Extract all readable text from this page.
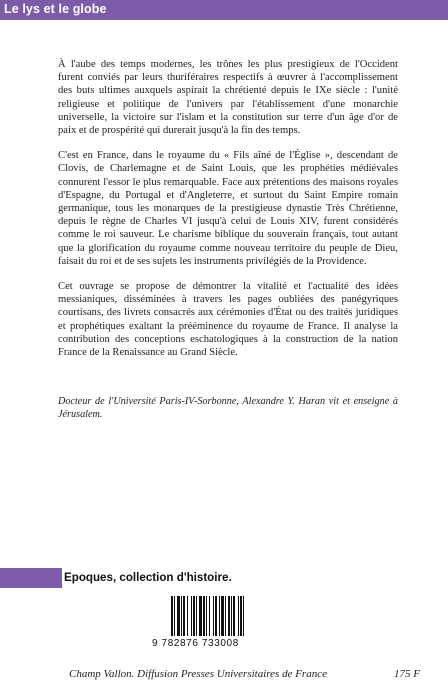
Le lys et le globe

À l'aube des temps modernes, les trônes les plus prestigieux de l'Occident furent conviés par leurs thuriféraires respectifs à œuvrer à l'accomplissement des buts ultimes auxquels aspirait la chrétienté depuis le IXe siècle : l'unité religieuse et politique de l'univers par l'établissement d'une monarchie universelle, la victoire sur l'islam et la constitution sur terre d'un âge d'or de paix et de prospérité qui durerait jusqu'à la fin des temps.

C'est en France, dans le royaume du « Fils aîné de l'Église », descendant de Clovis, de Charlemagne et de Saint Louis, que les prophéties médiévales connurent l'essor le plus remarquable. Face aux prétentions des maisons royales d'Espagne, du Portugal et d'Angleterre, et surtout du Saint Empire romain germanique, tous les monarques de la prestigieuse dynastie Très Chrétienne, depuis le règne de Charles VI jusqu'à celui de Louis XIV, furent considérés comme le roi sauveur. Le charisme biblique du souverain français, tout autant que la glorification du royaume comme nouveau territoire du peuple de Dieu, faisait du roi et de ses sujets les instruments privilégiés de la Providence.

Cet ouvrage se propose de démontrer la vitalité et l'actualité des idées messianiques, disséminées à travers les pages oubliées des panégyriques courtisans, des livrets consacrés aux cérémonies d'État ou des traités juridiques et prophétiques exaltant la prééminence du royaume de France. Il analyse la contribution des conceptions eschatologiques à la construction de la nation France de la Renaissance au Grand Siècle.

Docteur de l'Université Paris-IV-Sorbonne, Alexandre Y. Haran vit et enseigne à Jérusalem.

Epoques, collection d'histoire.

9 782876 733008

Champ Vallon. Diffusion Presses Universitaires de France	175 F
